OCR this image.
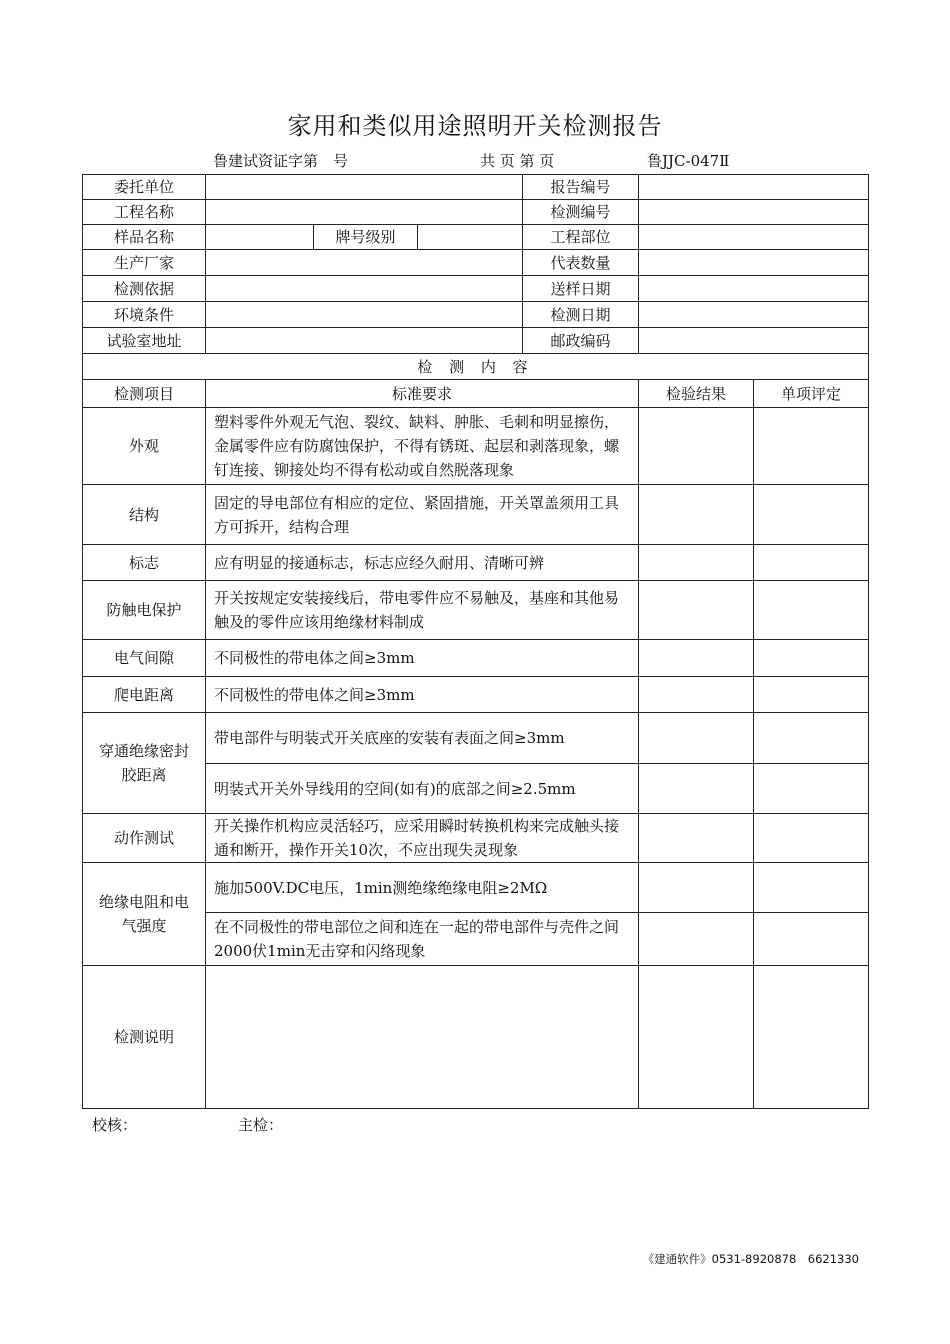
家用和类似用途照明开关检测报告
鲁建试资证字第　号	共 页 第 页	鲁JJC-047Ⅱ
委托单位				报告编号		
工程名称				检测编号		
样品名称		牌号级别		工程部位		
生产厂家				代表数量		
检测依据				送样日期		
环境条件				检测日期		
试验室地址				邮政编码		
检 测 内 容						
检测项目	标准要求				检验结果	单项评定
外观	塑料零件外观无气泡、裂纹、缺料、肿胀、毛刺和明显擦伤，金属零件应有防腐蚀保护，不得有锈斑、起层和剥落现象，螺钉连接、铆接处均不得有松动或自然脱落现象					
结构	固定的导电部位有相应的定位、紧固措施，开关罩盖须用工具方可拆开，结构合理					
标志	应有明显的接通标志，标志应经久耐用、清晰可辨					
防触电保护	开关按规定安装接线后，带电零件应不易触及，基座和其他易触及的零件应该用绝缘材料制成					
电气间隙	不同极性的带电体之间≥3mm					
爬电距离	不同极性的带电体之间≥3mm					
穿通绝缘密封胶距离	带电部件与明装式开关底座的安装有表面之间≥3mm					
	明装式开关外导线用的空间(如有)的底部之间≥2.5mm					
动作测试	开关操作机构应灵活轻巧，应采用瞬时转换机构来完成触头接通和断开，操作开关10次，不应出现失灵现象					
绝缘电阻和电气强度	施加500V.DC电压，1min测绝缘绝缘电阻≥2MΩ					
	在不同极性的带电部位之间和连在一起的带电部件与壳件之间2000伏1min无击穿和闪络现象					
检测说明						
校核：	主检：
《建通软件》0531-8920878　6621330
